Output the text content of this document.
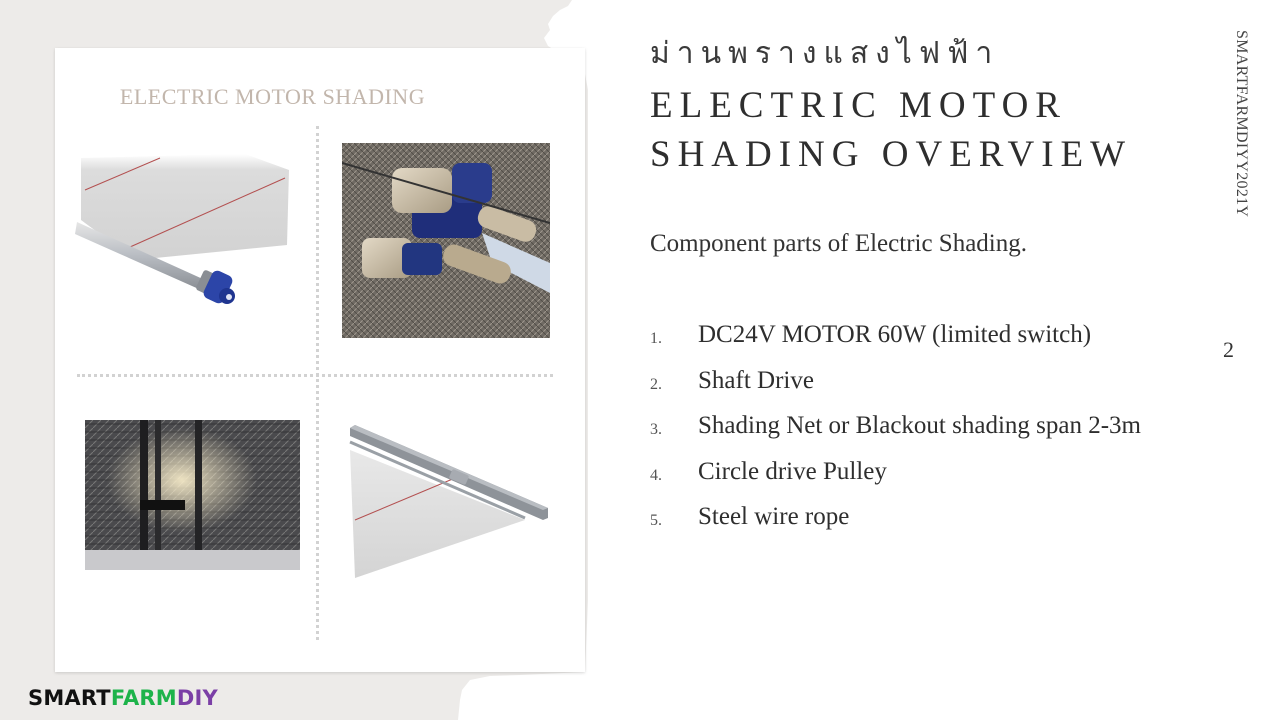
ELECTRIC MOTOR SHADING
ม่านพรางแสงไฟฟ้า
ELECTRIC MOTOR
SHADING OVERVIEW
Component parts of Electric Shading.
1. DC24V MOTOR 60W (limited switch)
2. Shaft Drive
3. Shading Net or Blackout shading span 2-3m
4. Circle drive Pulley
5. Steel wire rope
SMARTFARMDIYY2021Y
2
SMARTFARMDIY
